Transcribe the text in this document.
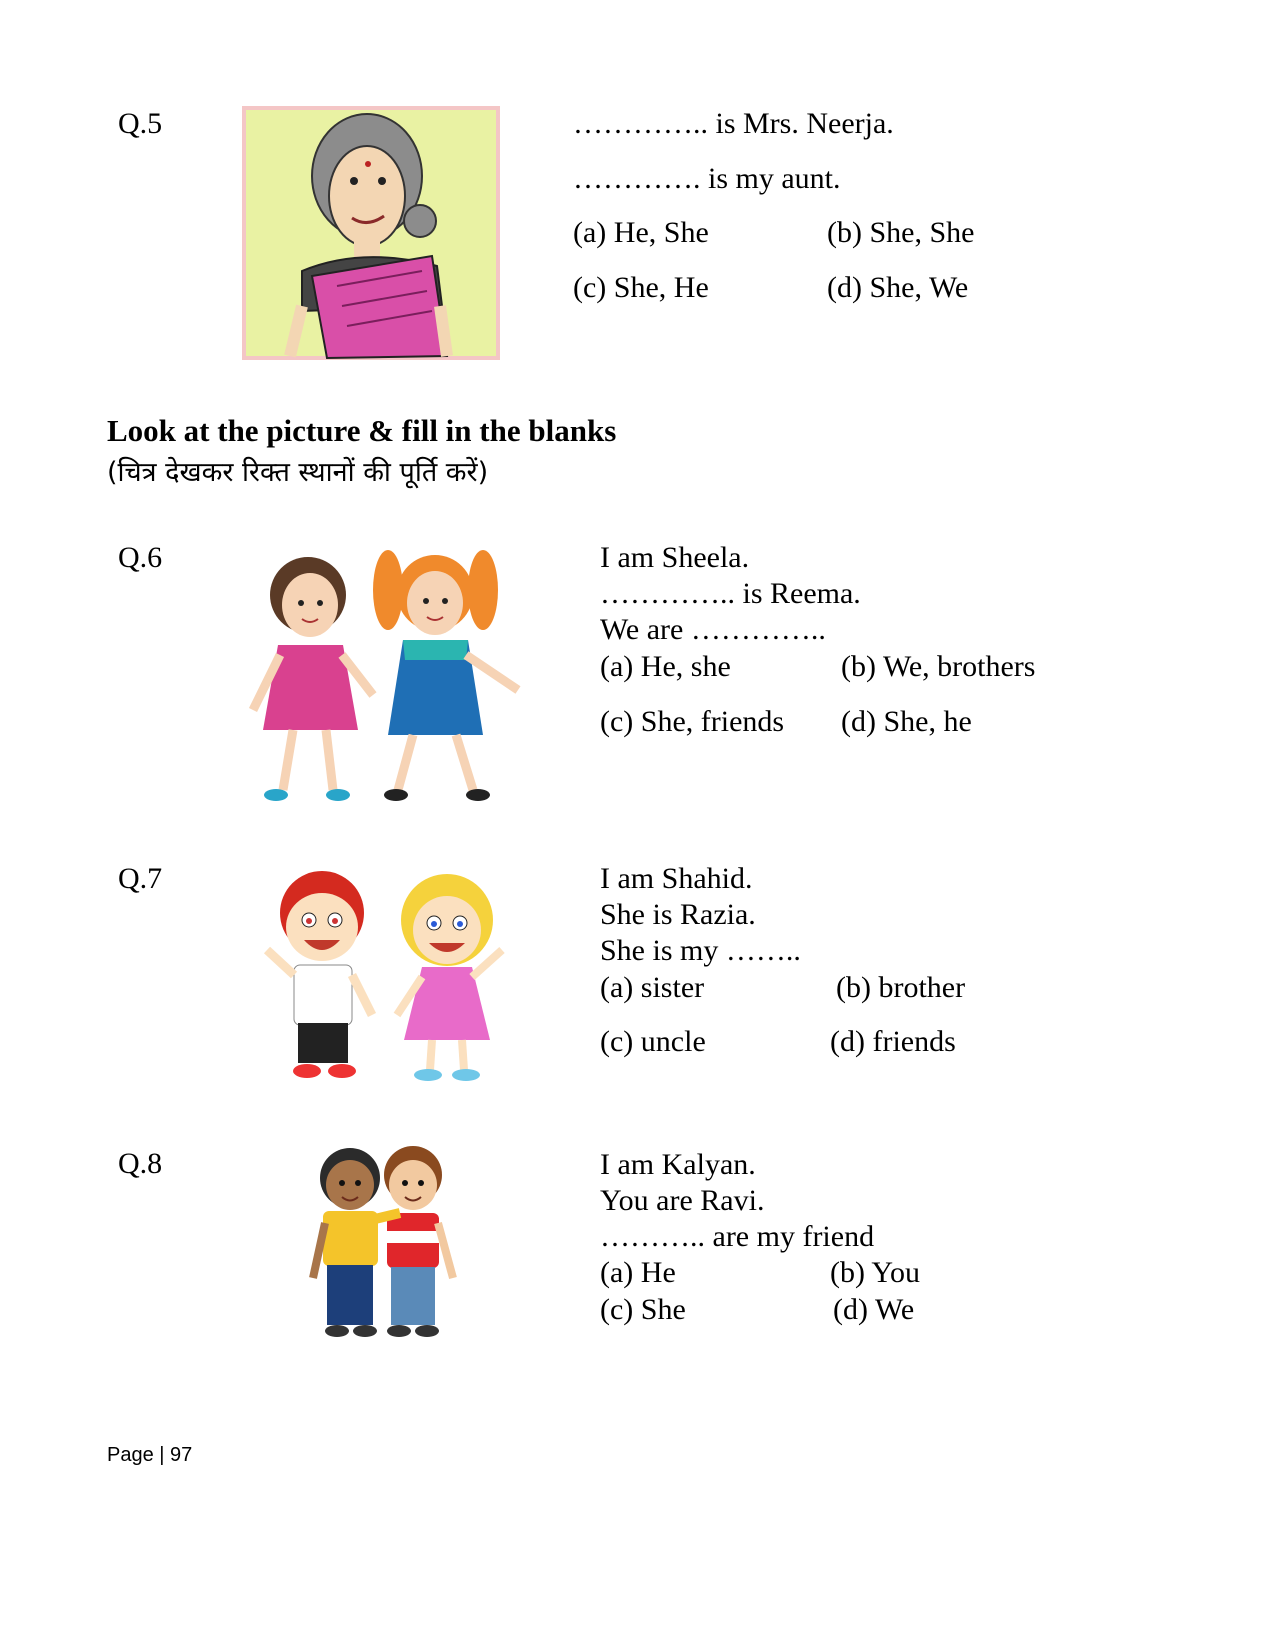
Q.5	………….. is Mrs. Neerja.
…………. is my aunt.
(a) He, She	(b) She, She
(c) She, He	(d) She, We
Look at the picture & fill in the blanks
(चित्र देखकर रिक्त स्थानों की पूर्ति करें)
Q.6	I am Sheela.
………….. is Reema.
We are …………..
(a) He, she	(b) We, brothers
(c) She, friends (d) She, he
Q.7	I am Shahid.
She is Razia.
She is my ……..
(a) sister	(b) brother
(c) uncle	(d) friends
Q.8	I am Kalyan.
You are Ravi.
……….. are my friend
(a) He	(b) You
(c) She	(d) We
Page | 97
